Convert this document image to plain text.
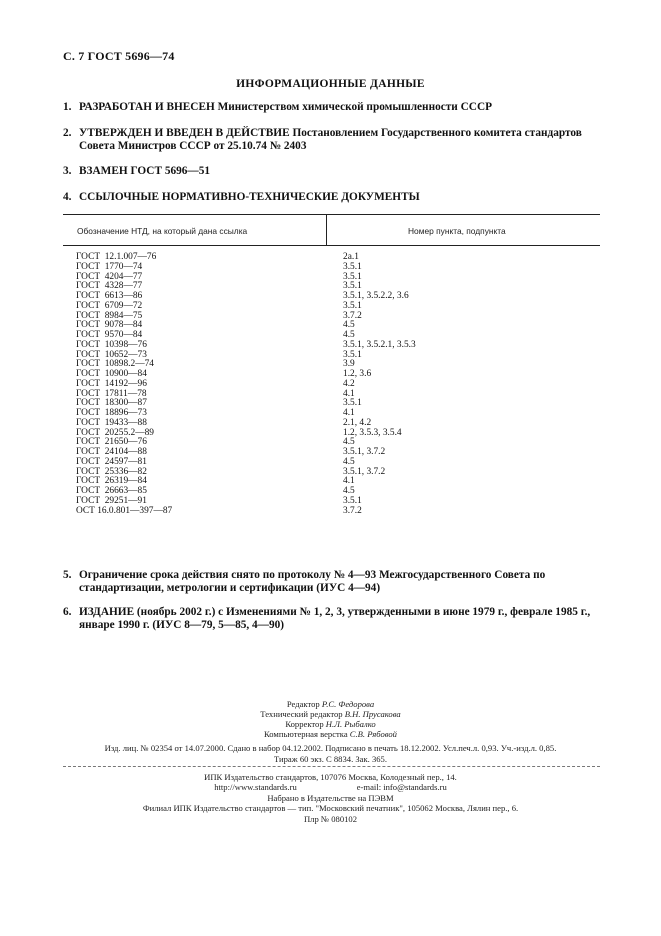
С. 7 ГОСТ 5696—74
ИНФОРМАЦИОННЫЕ ДАННЫЕ
1. РАЗРАБОТАН И ВНЕСЕН Министерством химической промышленности СССР
2. УТВЕРЖДЕН И ВВЕДЕН В ДЕЙСТВИЕ Постановлением Государственного комитета стандартов Совета Министров СССР от 25.10.74 № 2403
3. ВЗАМЕН ГОСТ 5696—51
4. ССЫЛОЧНЫЕ НОРМАТИВНО-ТЕХНИЧЕСКИЕ ДОКУМЕНТЫ
Обозначение НТД, на который дана ссылка	Номер пункта, подпункта
ГОСТ  12.1.007—76	2а.1
ГОСТ  1770—74	3.5.1
ГОСТ  4204—77	3.5.1
ГОСТ  4328—77	3.5.1
ГОСТ  6613—86	3.5.1, 3.5.2.2, 3.6
ГОСТ  6709—72	3.5.1
ГОСТ  8984—75	3.7.2
ГОСТ  9078—84	4.5
ГОСТ  9570—84	4.5
ГОСТ  10398—76	3.5.1, 3.5.2.1, 3.5.3
ГОСТ  10652—73	3.5.1
ГОСТ  10898.2—74	3.9
ГОСТ  10900—84	1.2, 3.6
ГОСТ  14192—96	4.2
ГОСТ  17811—78	4.1
ГОСТ  18300—87	3.5.1
ГОСТ  18896—73	4.1
ГОСТ  19433—88	2.1, 4.2
ГОСТ  20255.2—89	1.2, 3.5.3, 3.5.4
ГОСТ  21650—76	4.5
ГОСТ  24104—88	3.5.1, 3.7.2
ГОСТ  24597—81	4.5
ГОСТ  25336—82	3.5.1, 3.7.2
ГОСТ  26319—84	4.1
ГОСТ  26663—85	4.5
ГОСТ  29251—91	3.5.1
ОСТ 16.0.801—397—87	3.7.2
5. Ограничение срока действия снято по протоколу № 4—93 Межгосударственного Совета по стандартизации, метрологии и сертификации (ИУС 4—94)
6. ИЗДАНИЕ (ноябрь 2002 г.) с Изменениями № 1, 2, 3, утвержденными в июне 1979 г., феврале 1985 г., январе 1990 г. (ИУС 8—79, 5—85, 4—90)
Редактор Р.С. Федорова
Технический редактор В.Н. Прусакова
Корректор Н.Л. Рыбалко
Компьютерная верстка С.В. Рябовой
Изд. лиц. № 02354 от 14.07.2000. Сдано в набор 04.12.2002. Подписано в печать 18.12.2002. Усл.печ.л. 0,93. Уч.-изд.л. 0,85.
Тираж 60 экз. С 8834. Зак. 365.
ИПК Издательство стандартов, 107076 Москва, Колодезный пер., 14.
http://www.standards.ru	e-mail: info@standards.ru
Набрано в Издательстве на ПЭВМ
Филиал ИПК Издательство стандартов — тип. "Московский печатник", 105062 Москва, Лялин пер., 6.
Плр № 080102
